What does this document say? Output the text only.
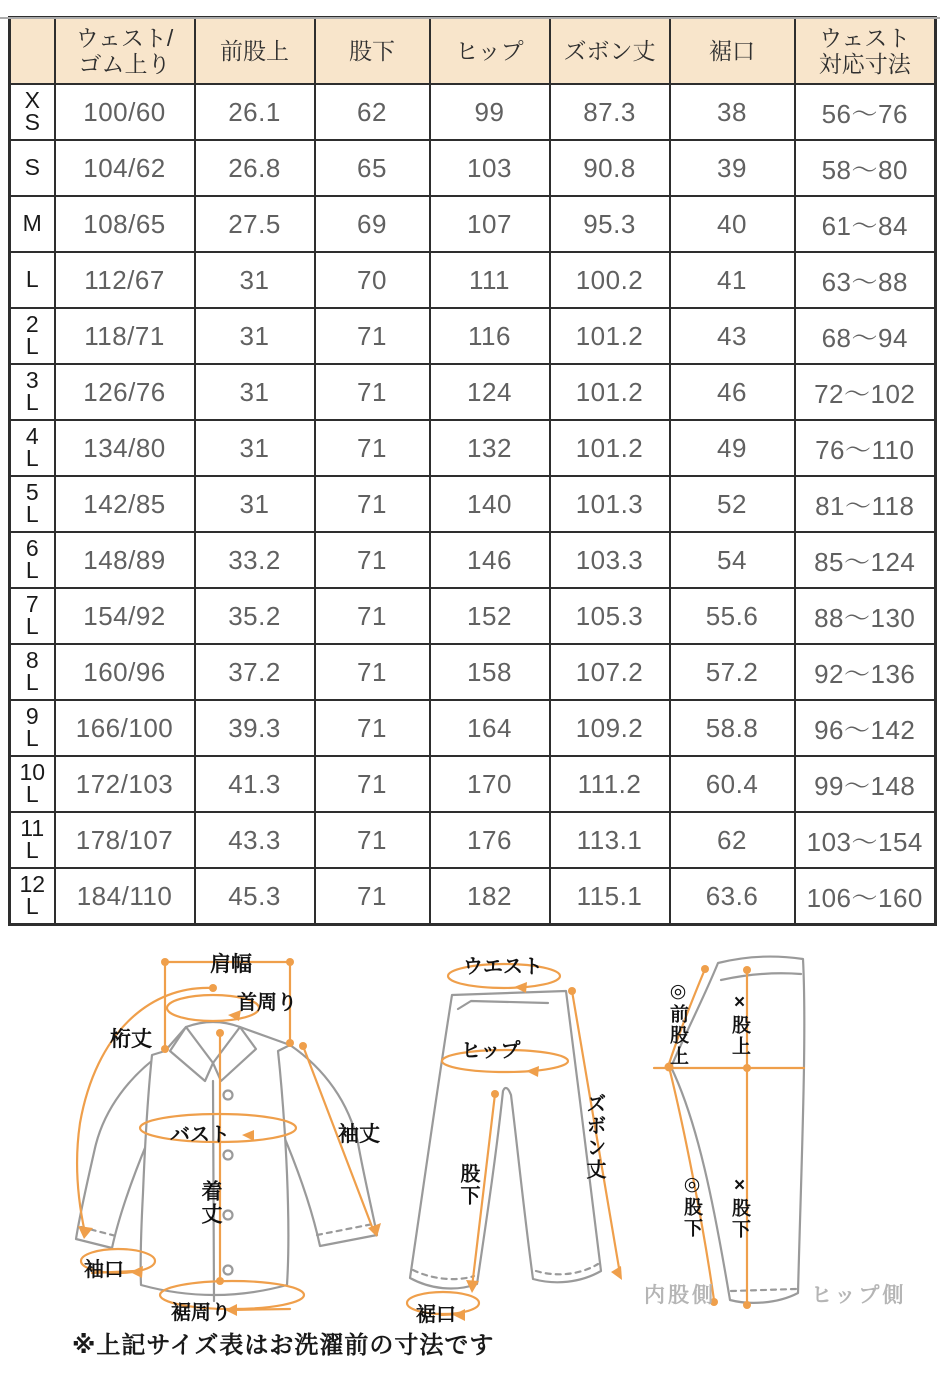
	ウェスト/
ゴム上り	前股上	股下	ヒップ	ズボン丈	裾口	ウェスト
対応寸法

X
S	100/60	26.1	62	99	87.3	38	56～76

S	104/62	26.8	65	103	90.8	39	58～80

M	108/65	27.5	69	107	95.3	40	61～84

L	112/67	31	70	111	100.2	41	63～88

2
L	118/71	31	71	116	101.2	43	68～94

3
L	126/76	31	71	124	101.2	46	72～102

4
L	134/80	31	71	132	101.2	49	76～110

5
L	142/85	31	71	140	101.3	52	81～118

6
L	148/89	33.2	71	146	103.3	54	85～124

7
L	154/92	35.2	71	152	105.3	55.6	88～130

8
L	160/96	37.2	71	158	107.2	57.2	92～136

9
L	166/100	39.3	71	164	109.2	58.8	96～142

10
L	172/103	41.3	71	170	111.2	60.4	99～148

11
L	178/107	43.3	71	176	113.1	62	103～154

12
L	184/110	45.3	71	182	115.1	63.6	106～160
肩幅
首周り
桁丈
バスト	袖丈
着丈
袖口
裾周り
ウエスト
ヒップ
股下
ズボン丈
裾口
◎前股上 ×股上
◎股下 ×股下
内股側	ヒップ側
※上記サイズ表はお洗濯前の寸法です
